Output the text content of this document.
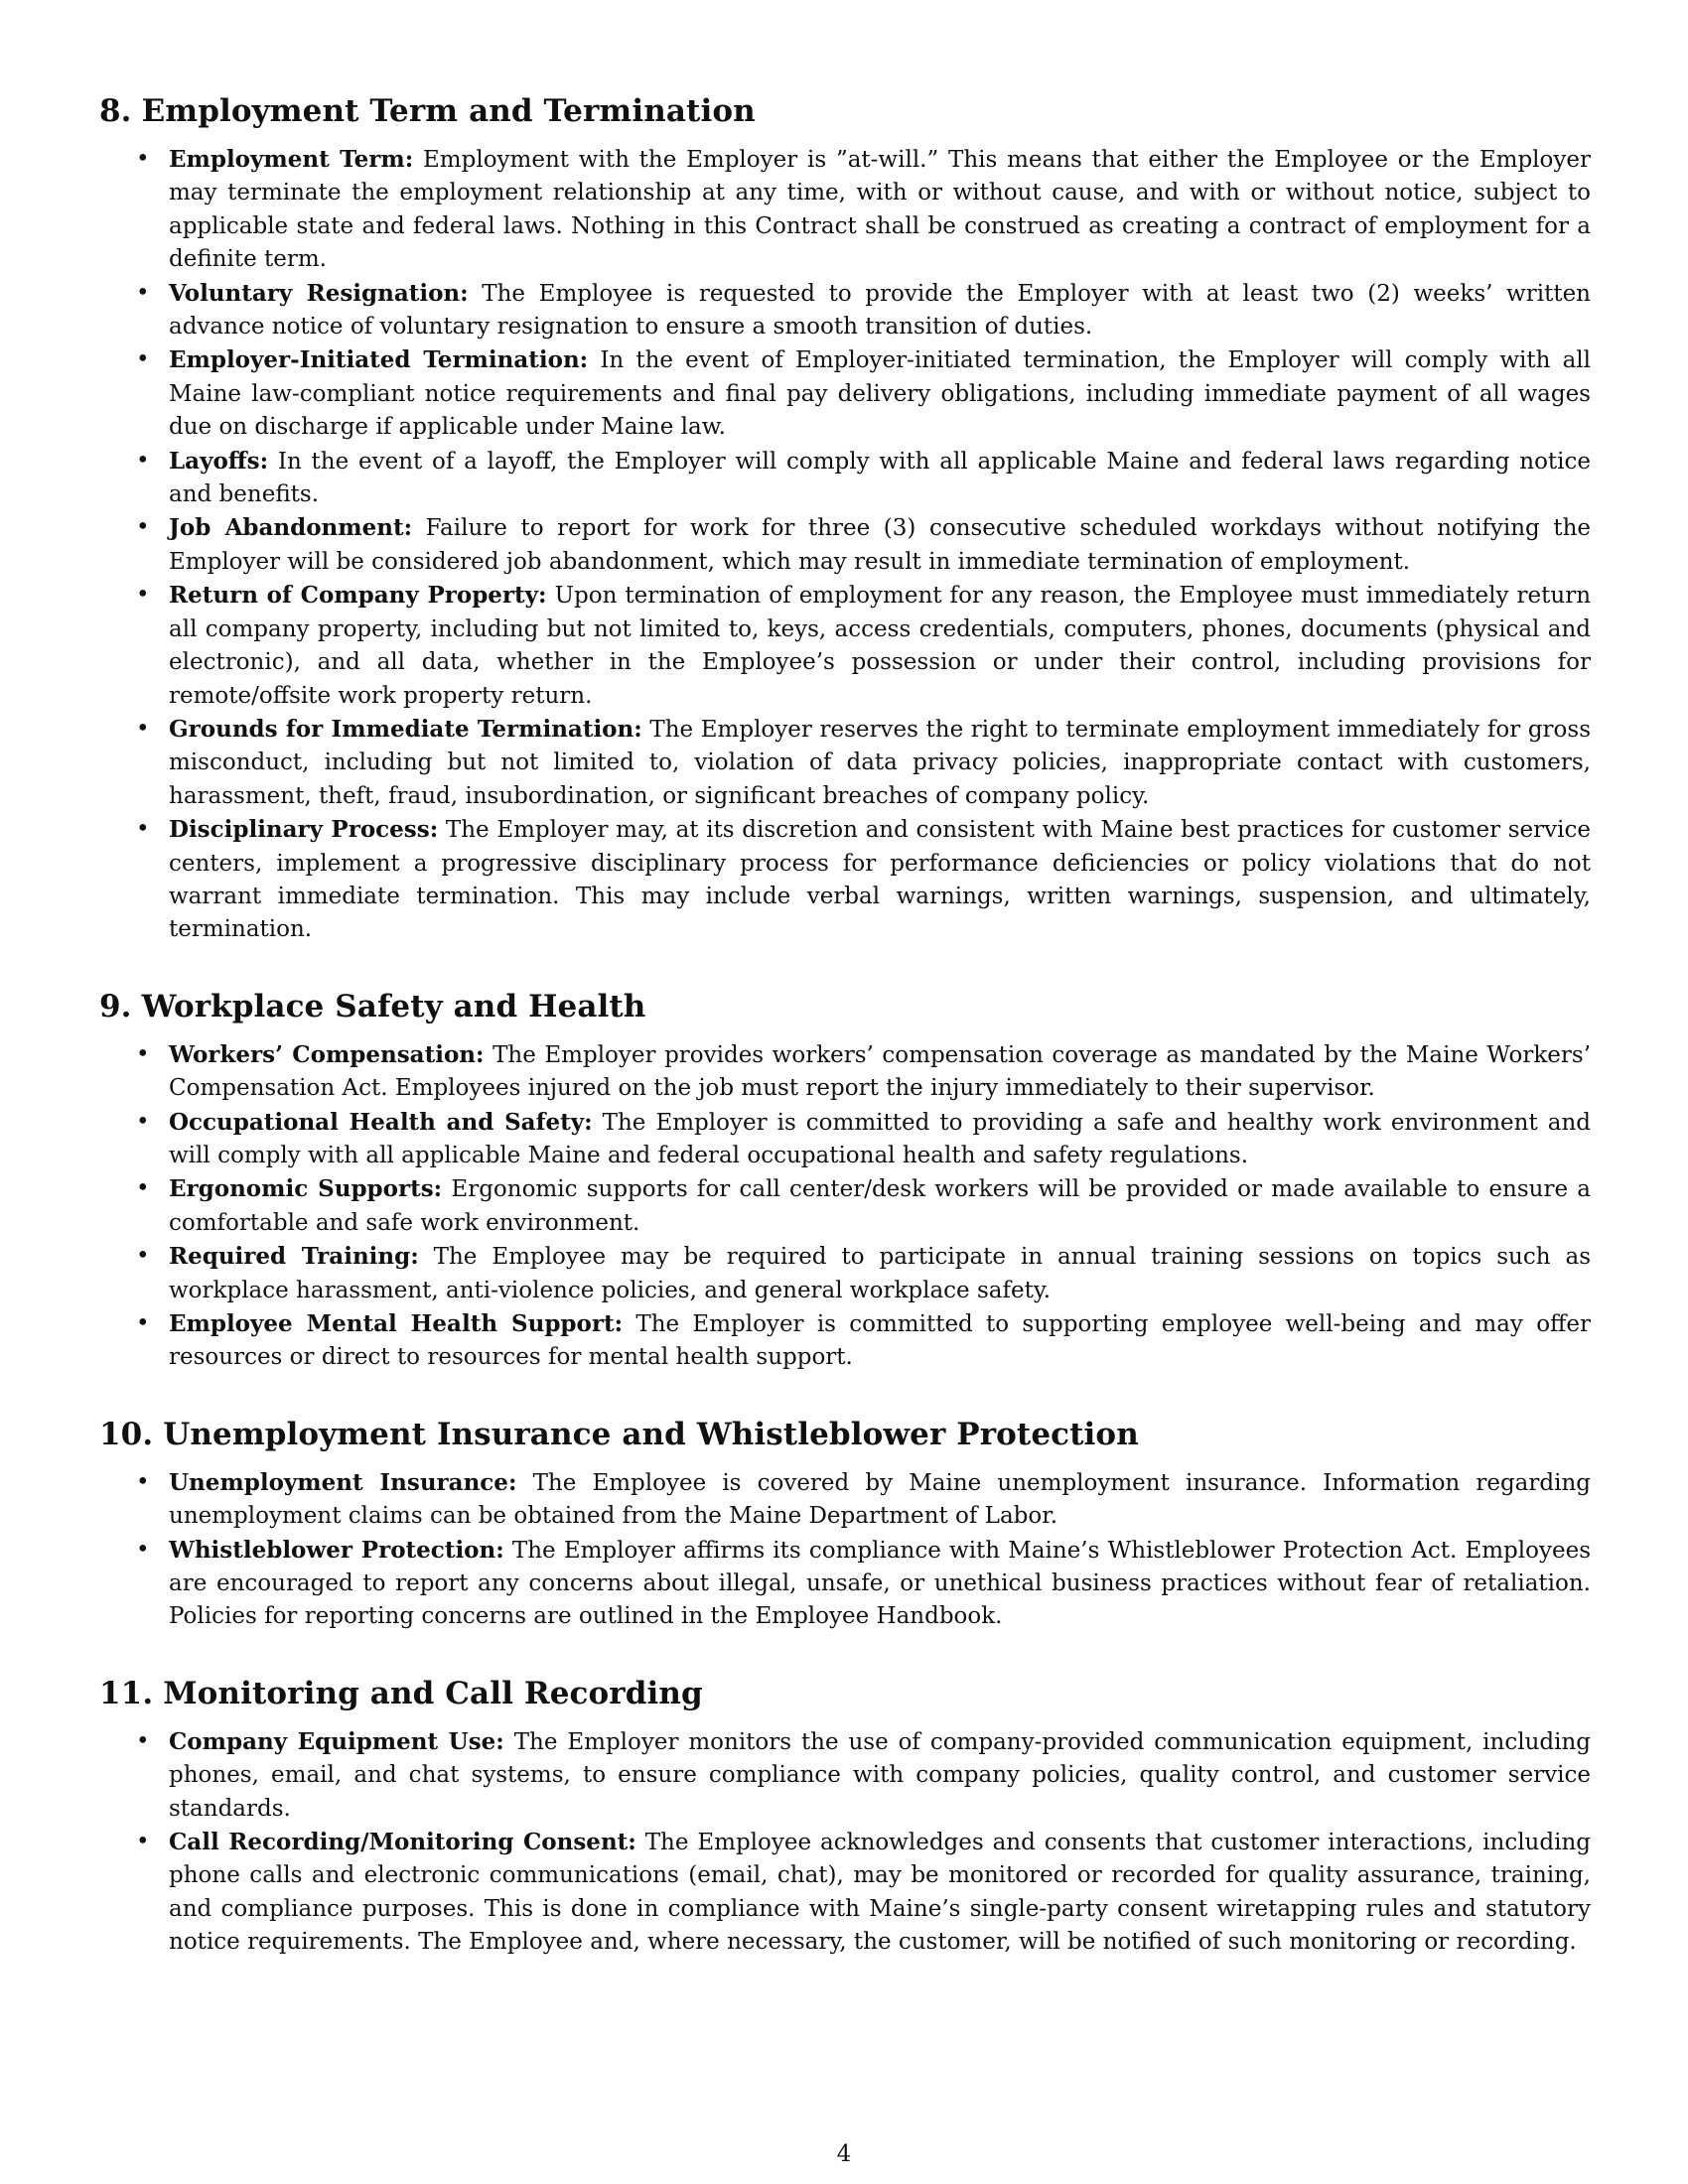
8. Employment Term and Termination
• Employment Term: Employment with the Employer is ”at-will.” This means that either the Employee or the Employer may terminate the employment relationship at any time, with or without cause, and with or without notice, subject to applicable state and federal laws. Nothing in this Contract shall be construed as creating a contract of employment for a definite term.
• Voluntary Resignation: The Employee is requested to provide the Employer with at least two (2) weeks’ written advance notice of voluntary resignation to ensure a smooth transition of duties.
• Employer-Initiated Termination: In the event of Employer-initiated termination, the Employer will comply with all Maine law-compliant notice requirements and final pay delivery obligations, including immediate payment of all wages due on discharge if applicable under Maine law.
• Layoffs: In the event of a layoff, the Employer will comply with all applicable Maine and federal laws regarding notice and benefits.
• Job Abandonment: Failure to report for work for three (3) consecutive scheduled workdays without notifying the Employer will be considered job abandonment, which may result in immediate termination of employment.
• Return of Company Property: Upon termination of employment for any reason, the Employee must immediately return all company property, including but not limited to, keys, access credentials, computers, phones, documents (physical and electronic), and all data, whether in the Employee’s possession or under their control, including provisions for remote/offsite work property return.
• Grounds for Immediate Termination: The Employer reserves the right to terminate employment immediately for gross misconduct, including but not limited to, violation of data privacy policies, inappropriate contact with customers, harassment, theft, fraud, insubordination, or significant breaches of company policy.
• Disciplinary Process: The Employer may, at its discretion and consistent with Maine best practices for customer service centers, implement a progressive disciplinary process for performance deficiencies or policy violations that do not warrant immediate termination. This may include verbal warnings, written warnings, suspension, and ultimately, termination.
9. Workplace Safety and Health
• Workers’ Compensation: The Employer provides workers’ compensation coverage as mandated by the Maine Workers’ Compensation Act. Employees injured on the job must report the injury immediately to their supervisor.
• Occupational Health and Safety: The Employer is committed to providing a safe and healthy work environment and will comply with all applicable Maine and federal occupational health and safety regulations.
• Ergonomic Supports: Ergonomic supports for call center/desk workers will be provided or made available to ensure a comfortable and safe work environment.
• Required Training: The Employee may be required to participate in annual training sessions on topics such as workplace harassment, anti-violence policies, and general workplace safety.
• Employee Mental Health Support: The Employer is committed to supporting employee well-being and may offer resources or direct to resources for mental health support.
10. Unemployment Insurance and Whistleblower Protection
• Unemployment Insurance: The Employee is covered by Maine unemployment insurance. Information regarding unemployment claims can be obtained from the Maine Department of Labor.
• Whistleblower Protection: The Employer affirms its compliance with Maine’s Whistleblower Protection Act. Employees are encouraged to report any concerns about illegal, unsafe, or unethical business practices without fear of retaliation. Policies for reporting concerns are outlined in the Employee Handbook.
11. Monitoring and Call Recording
• Company Equipment Use: The Employer monitors the use of company-provided communication equipment, including phones, email, and chat systems, to ensure compliance with company policies, quality control, and customer service standards.
• Call Recording/Monitoring Consent: The Employee acknowledges and consents that customer interactions, including phone calls and electronic communications (email, chat), may be monitored or recorded for quality assurance, training, and compliance purposes. This is done in compliance with Maine’s single-party consent wiretapping rules and statutory notice requirements. The Employee and, where necessary, the customer, will be notified of such monitoring or recording.
4
